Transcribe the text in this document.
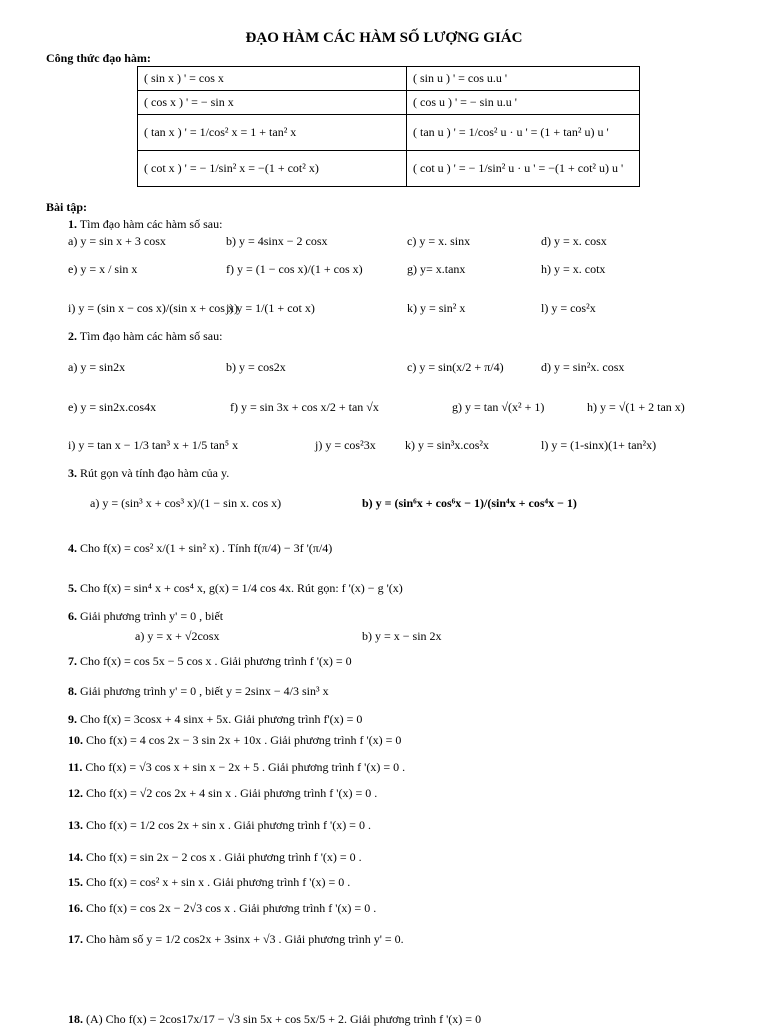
ĐẠO HÀM CÁC HÀM SỐ LƯỢNG GIÁC
Công thức đạo hàm:
( sin x ) ' = cos x	( sin u ) ' = cos u.u '
( cos x ) ' = − sin x	( cos u ) ' = − sin u.u '
( tan x ) ' = 1/cos² x = 1 + tan² x	( tan u ) ' = 1/cos² u · u ' = (1 + tan² u) u '
( cot x ) ' = − 1/sin² x = −(1 + cot² x)	( cot u ) ' = − 1/sin² u · u ' = −(1 + cot² u) u '
Bài tập:
1. Tìm đạo hàm các hàm số sau:
a) y = sin x + 3 cosx	b) y = 4sinx − 2 cosx	c) y = x. sinx	d) y = x. cosx
e) y = x / sin x	f) y = (1 − cos x)/(1 + cos x)	g) y= x.tanx	h) y = x. cotx
i) y = (sin x − cos x)/(sin x + cos x)
j) y = 1/(1 + cot x)	k) y = sin² x	l) y = cos²x
2. Tìm đạo hàm các hàm số sau:
a) y = sin2x	b) y = cos2x	c) y = sin(x/2 + π/4)	d) y = sin²x. cosx
e) y = sin2x.cos4x	f) y = sin 3x + cos x/2 + tan √x	g) y = tan √(x² + 1)	h) y = √(1 + 2 tan x)
i) y = tan x − 1/3 tan³ x + 1/5 tan⁵ x	j) y = cos²3x k) y = sin³x.cos²x	l) y = (1-sinx)(1+ tan²x)
3. Rút gọn và tính đạo hàm của y.
a) y = (sin³ x + cos³ x)/(1 − sin x. cos x)	b) y = (sin⁶x + cos⁶x − 1)/(sin⁴x + cos⁴x − 1)
4. Cho f(x) = cos² x/(1 + sin² x) . Tính f(π/4) − 3f '(π/4)
5. Cho f(x) = sin⁴ x + cos⁴ x, g(x) = 1/4 cos 4x. Rút gọn: f '(x) − g '(x)
6. Giải phương trình y' = 0 , biết
a) y = x + √2cosx	b) y = x − sin 2x
7. Cho f(x) = cos 5x − 5 cos x . Giải phương trình f '(x) = 0
8. Giải phương trình y' = 0 , biết y = 2sinx − 4/3 sin³ x
9. Cho f(x) = 3cosx + 4 sinx + 5x. Giải phương trình f'(x) = 0
10. Cho f(x) = 4 cos 2x − 3 sin 2x + 10x . Giải phương trình f '(x) = 0
11. Cho f(x) = √3 cos x + sin x − 2x + 5 . Giải phương trình f '(x) = 0 .
12. Cho f(x) = √2 cos 2x + 4 sin x . Giải phương trình f '(x) = 0 .
13. Cho f(x) = 1/2 cos 2x + sin x . Giải phương trình f '(x) = 0 .
14. Cho f(x) = sin 2x − 2 cos x . Giải phương trình f '(x) = 0 .
15. Cho f(x) = cos² x + sin x . Giải phương trình f '(x) = 0 .
16. Cho f(x) = cos 2x − 2√3 cos x . Giải phương trình f '(x) = 0 .
17. Cho hàm số y = 1/2 cos2x + 3sinx + √3 . Giải phương trình y' = 0.
18. (A) Cho f(x) = 2cos17x/17 − √3 sin 5x + cos 5x/5 + 2. Giải phương trình f '(x) = 0
